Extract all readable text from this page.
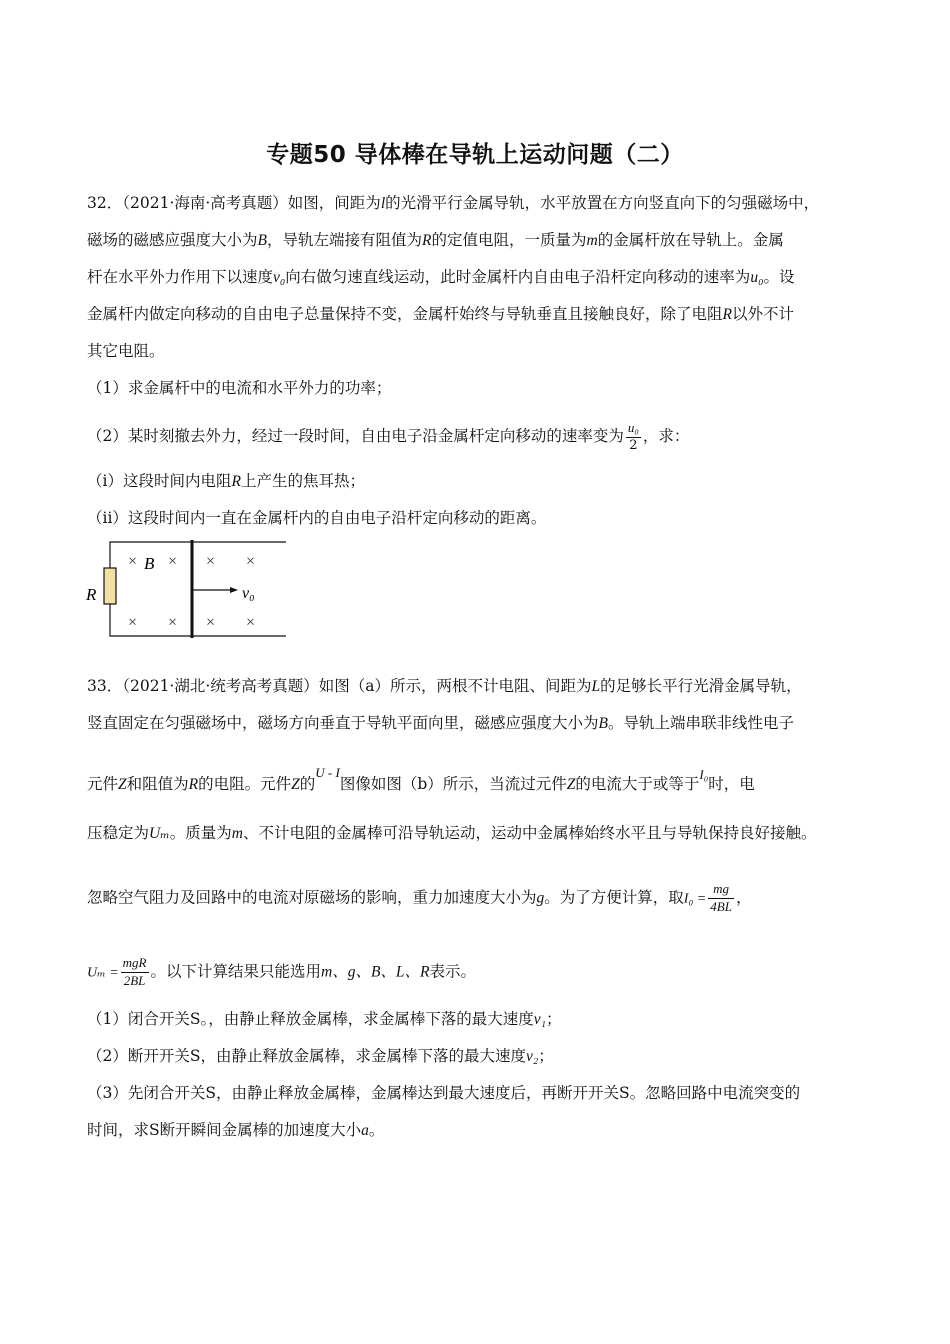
专题50 导体棒在导轨上运动问题（二）
32．（2021·海南·高考真题）如图，间距为l的光滑平行金属导轨，水平放置在方向竖直向下的匀强磁场中，
磁场的磁感应强度大小为B，导轨左端接有阻值为R的定值电阻，一质量为m的金属杆放在导轨上。金属
杆在水平外力作用下以速度v₀向右做匀速直线运动，此时金属杆内自由电子沿杆定向移动的速率为u₀。设
金属杆内做定向移动的自由电子总量保持不变，金属杆始终与导轨垂直且接触良好，除了电阻R以外不计
其它电阻。
（1）求金属杆中的电流和水平外力的功率；
（2）某时刻撤去外力，经过一段时间，自由电子沿金属杆定向移动的速率变为 $\frac{\text{u₀}}{2}$ ，求：
（i）这段时间内电阻R上产生的焦耳热；
（ii）这段时间内一直在金属杆内的自由电子沿杆定向移动的距离。
R
B
v₀
× × × ×
× × × ×
33．（2021·湖北·统考高考真题）如图（a）所示，两根不计电阻、间距为L的足够长平行光滑金属导轨，
竖直固定在匀强磁场中，磁场方向垂直于导轨平面向里，磁感应强度大小为B。导轨上端串联非线性电子
元件Z和阻值为R的电阻。元件Z的$^{U - I}$图像如图（b）所示，当流过元件Z的电流大于或等于$^{I_0}$时，电
压稳定为Uₘ。质量为m、不计电阻的金属棒可沿导轨运动，运动中金属棒始终水平且与导轨保持良好接触。
忽略空气阻力及回路中的电流对原磁场的影响，重力加速度大小为g。为了方便计算，取$I_0 = \frac{mg}{4BL}$ ，
$U_m = \frac{\text{mgR}}{2BL}$ 。以下计算结果只能选用m、g、B、L、R表示。
（1）闭合开关S。，由静止释放金属棒，求金属棒下落的最大速度v₁；
（2）断开开关S，由静止释放金属棒，求金属棒下落的最大速度v₂；
（3）先闭合开关S，由静止释放金属棒，金属棒达到最大速度后，再断开开关S。忽略回路中电流突变的
时间，求S断开瞬间金属棒的加速度大小a。
